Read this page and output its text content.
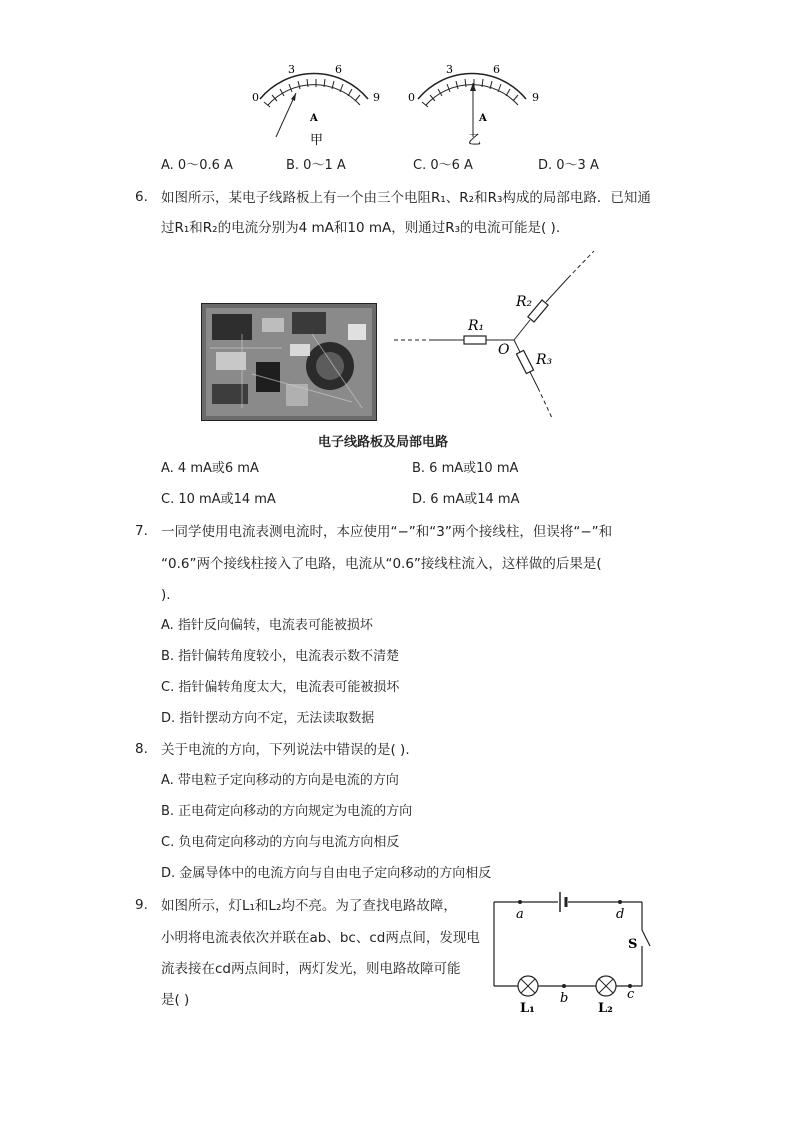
0
3	6
9
A
甲
0
3	6
9
A
乙
A. 0～0.6 A	B. 0～1 A	C. 0～6 A	D. 0～3 A
6. 如图所示，某电子线路板上有一个由三个电阻R₁、R₂和R₃构成的局部电路．已知通
过R₁和R₂的电流分别为4 mA和10 mA，则通过R₃的电流可能是( ).
R₁
R₂
R₃
O
电子线路板及局部电路
A. 4 mA或6 mA	B. 6 mA或10 mA
C. 10 mA或14 mA	D. 6 mA或14 mA
7. 一同学使用电流表测电流时，本应使用“−”和“3”两个接线柱，但误将“−”和
“0.6”两个接线柱接入了电路，电流从“0.6”接线柱流入，这样做的后果是(
).
A. 指针反向偏转，电流表可能被损坏
B. 指针偏转角度较小，电流表示数不清楚
C. 指针偏转角度太大，电流表可能被损坏
D. 指针摆动方向不定，无法读取数据
8. 关于电流的方向，下列说法中错误的是( ).
A. 带电粒子定向移动的方向是电流的方向
B. 正电荷定向移动的方向规定为电流的方向
C. 负电荷定向移动的方向与电流方向相反
D. 金属导体中的电流方向与自由电子定向移动的方向相反
9. 如图所示，灯L₁和L₂均不亮。为了查找电路故障，
小明将电流表依次并联在ab、bc、cd两点间，发现电
流表接在cd两点间时，两灯发光，则电路故障可能
是( )
a	d
S
b	c
L₁	L₂
